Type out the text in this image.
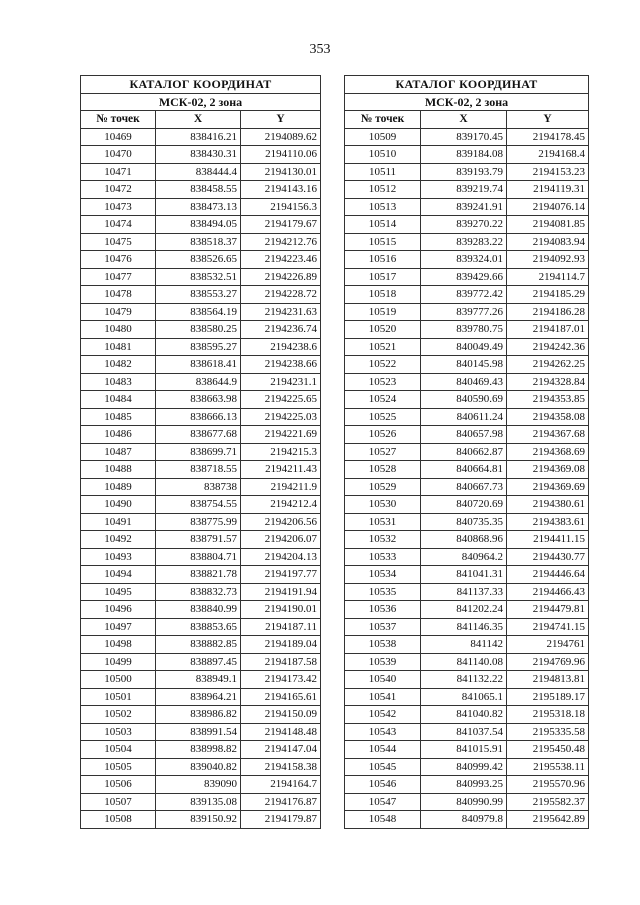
353
КАТАЛОГ КООРДИНАТ		
МСК-02, 2 зона		
№ точек	X	Y
10469	838416.21	2194089.62
10470	838430.31	2194110.06
10471	838444.4	2194130.01
10472	838458.55	2194143.16
10473	838473.13	2194156.3
10474	838494.05	2194179.67
10475	838518.37	2194212.76
10476	838526.65	2194223.46
10477	838532.51	2194226.89
10478	838553.27	2194228.72
10479	838564.19	2194231.63
10480	838580.25	2194236.74
10481	838595.27	2194238.6
10482	838618.41	2194238.66
10483	838644.9	2194231.1
10484	838663.98	2194225.65
10485	838666.13	2194225.03
10486	838677.68	2194221.69
10487	838699.71	2194215.3
10488	838718.55	2194211.43
10489	838738	2194211.9
10490	838754.55	2194212.4
10491	838775.99	2194206.56
10492	838791.57	2194206.07
10493	838804.71	2194204.13
10494	838821.78	2194197.77
10495	838832.73	2194191.94
10496	838840.99	2194190.01
10497	838853.65	2194187.11
10498	838882.85	2194189.04
10499	838897.45	2194187.58
10500	838949.1	2194173.42
10501	838964.21	2194165.61
10502	838986.82	2194150.09
10503	838991.54	2194148.48
10504	838998.82	2194147.04
10505	839040.82	2194158.38
10506	839090	2194164.7
10507	839135.08	2194176.87
10508	839150.92	2194179.87
КАТАЛОГ КООРДИНАТ		
МСК-02, 2 зона		
№ точек	X	Y
10509	839170.45	2194178.45
10510	839184.08	2194168.4
10511	839193.79	2194153.23
10512	839219.74	2194119.31
10513	839241.91	2194076.14
10514	839270.22	2194081.85
10515	839283.22	2194083.94
10516	839324.01	2194092.93
10517	839429.66	2194114.7
10518	839772.42	2194185.29
10519	839777.26	2194186.28
10520	839780.75	2194187.01
10521	840049.49	2194242.36
10522	840145.98	2194262.25
10523	840469.43	2194328.84
10524	840590.69	2194353.85
10525	840611.24	2194358.08
10526	840657.98	2194367.68
10527	840662.87	2194368.69
10528	840664.81	2194369.08
10529	840667.73	2194369.69
10530	840720.69	2194380.61
10531	840735.35	2194383.61
10532	840868.96	2194411.15
10533	840964.2	2194430.77
10534	841041.31	2194446.64
10535	841137.33	2194466.43
10536	841202.24	2194479.81
10537	841146.35	2194741.15
10538	841142	2194761
10539	841140.08	2194769.96
10540	841132.22	2194813.81
10541	841065.1	2195189.17
10542	841040.82	2195318.18
10543	841037.54	2195335.58
10544	841015.91	2195450.48
10545	840999.42	2195538.11
10546	840993.25	2195570.96
10547	840990.99	2195582.37
10548	840979.8	2195642.89
